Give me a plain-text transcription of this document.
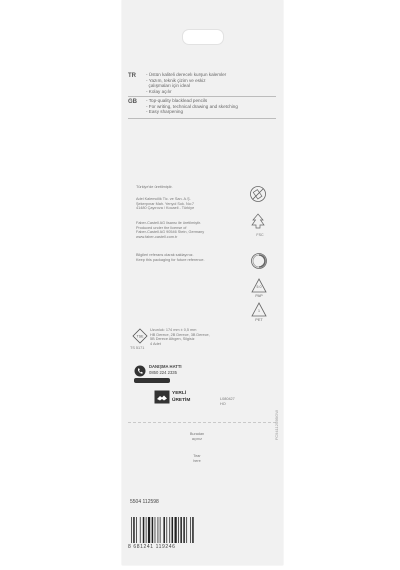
TR - Üstün kaliteli derecelı kurşun kalemler
- Yazım, teknik çizim ve eskiz
çalışmaları için ideal
- Kolay açılır
GB - Top-quality blacklead pencils
- For writing, technical drawing and sketching
- Easy sharpening
Türkiye'de üretilmiştir.
Adel Kalemcilik Tic. ve San. A.Ş.
Şekerpınar Mah. Yenyol Sok. No:7
41480 Çayırova / Kocaeli - Türkiye
Faber-Castell AG lisansı ile üretilmiştir.
Produced under the license of
Faber-Castell AG 90546 Stein, Germany
www.faber-castell.com.tr
Bilgileri referans olarak saklayınız.
Keep this packaging for future reference.
FSC
5 0
PAP
1
PET
TSE
TS 5171
Uzunluk: 174 mm ± 0,5 mm
HB Derece, 2B Derece, 3B Derece,
5B Derece Altıgen, Silgisiz
4 Adet
DANIŞMA HATTI
0850 224 2335
YERLİ
ÜRETİM	L080427
HO
Buradan
açınız
Tear
here
5504 112598
8 681241 119246
FC9411259BGW
